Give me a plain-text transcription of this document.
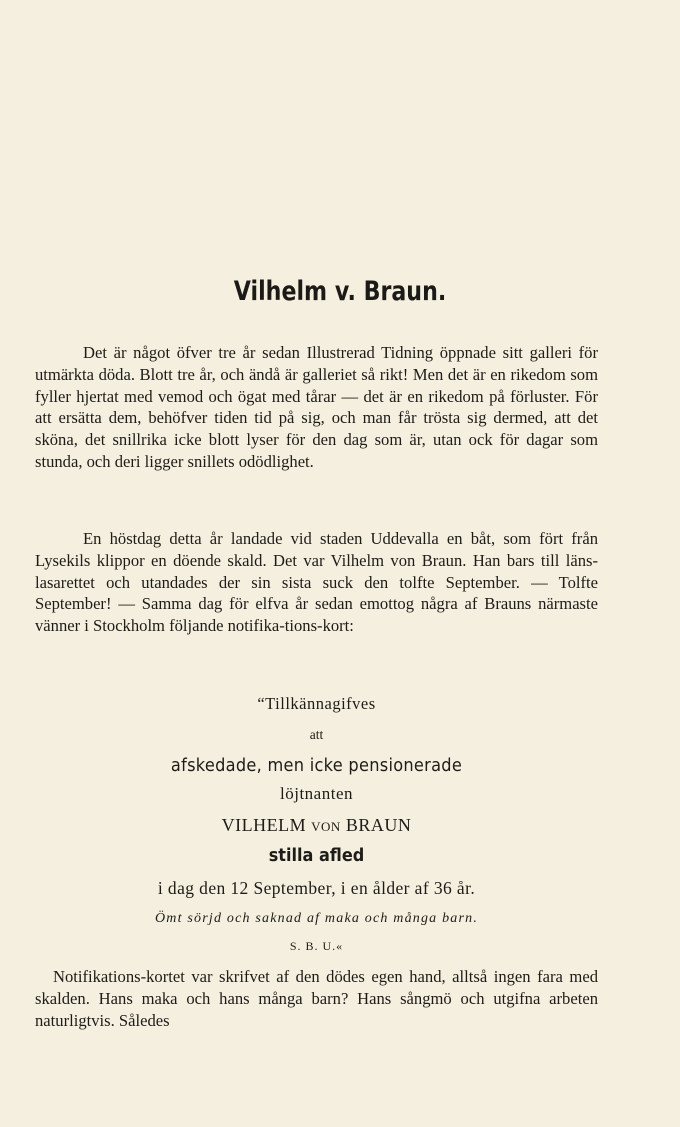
Vilhelm v. Braun.

Det är något öfver tre år sedan Illustrerad Tidning öppnade sitt galleri för utmärkta döda. Blott tre år, och ändå är galleriet så rikt! Men det är en rikedom som fyller hjertat med vemod och ögat med tårar — det är en rikedom på förluster. För att ersätta dem, behöfver tiden tid på sig, och man får trösta sig dermed, att det sköna, det snillrika icke blott lyser för den dag som är, utan ock för dagar som stunda, och deri ligger snillets odödlighet.

En höstdag detta år landade vid staden Uddevalla en båt, som fört från Lysekils klippor en döende skald. Det var Vilhelm von Braun. Han bars till läns-lasarettet och utandades der sin sista suck den tolfte September. — Tolfte September! — Samma dag för elfva år sedan emottog några af Brauns närmaste vänner i Stockholm följande notifika-tions-kort:

“Tillkännagifves
att
afskedade, men icke pensionerade
löjtnanten
VILHELM VON BRAUN
stilla afled
i dag den 12 September, i en ålder af 36 år.
Ömt sörjd och saknad af maka och många barn.
S. B. U.«

Notifikations-kortet var skrifvet af den dödes egen hand, alltså ingen fara med skalden. Hans maka och hans många barn? Hans sångmö och utgifna arbeten naturligtvis. Således
